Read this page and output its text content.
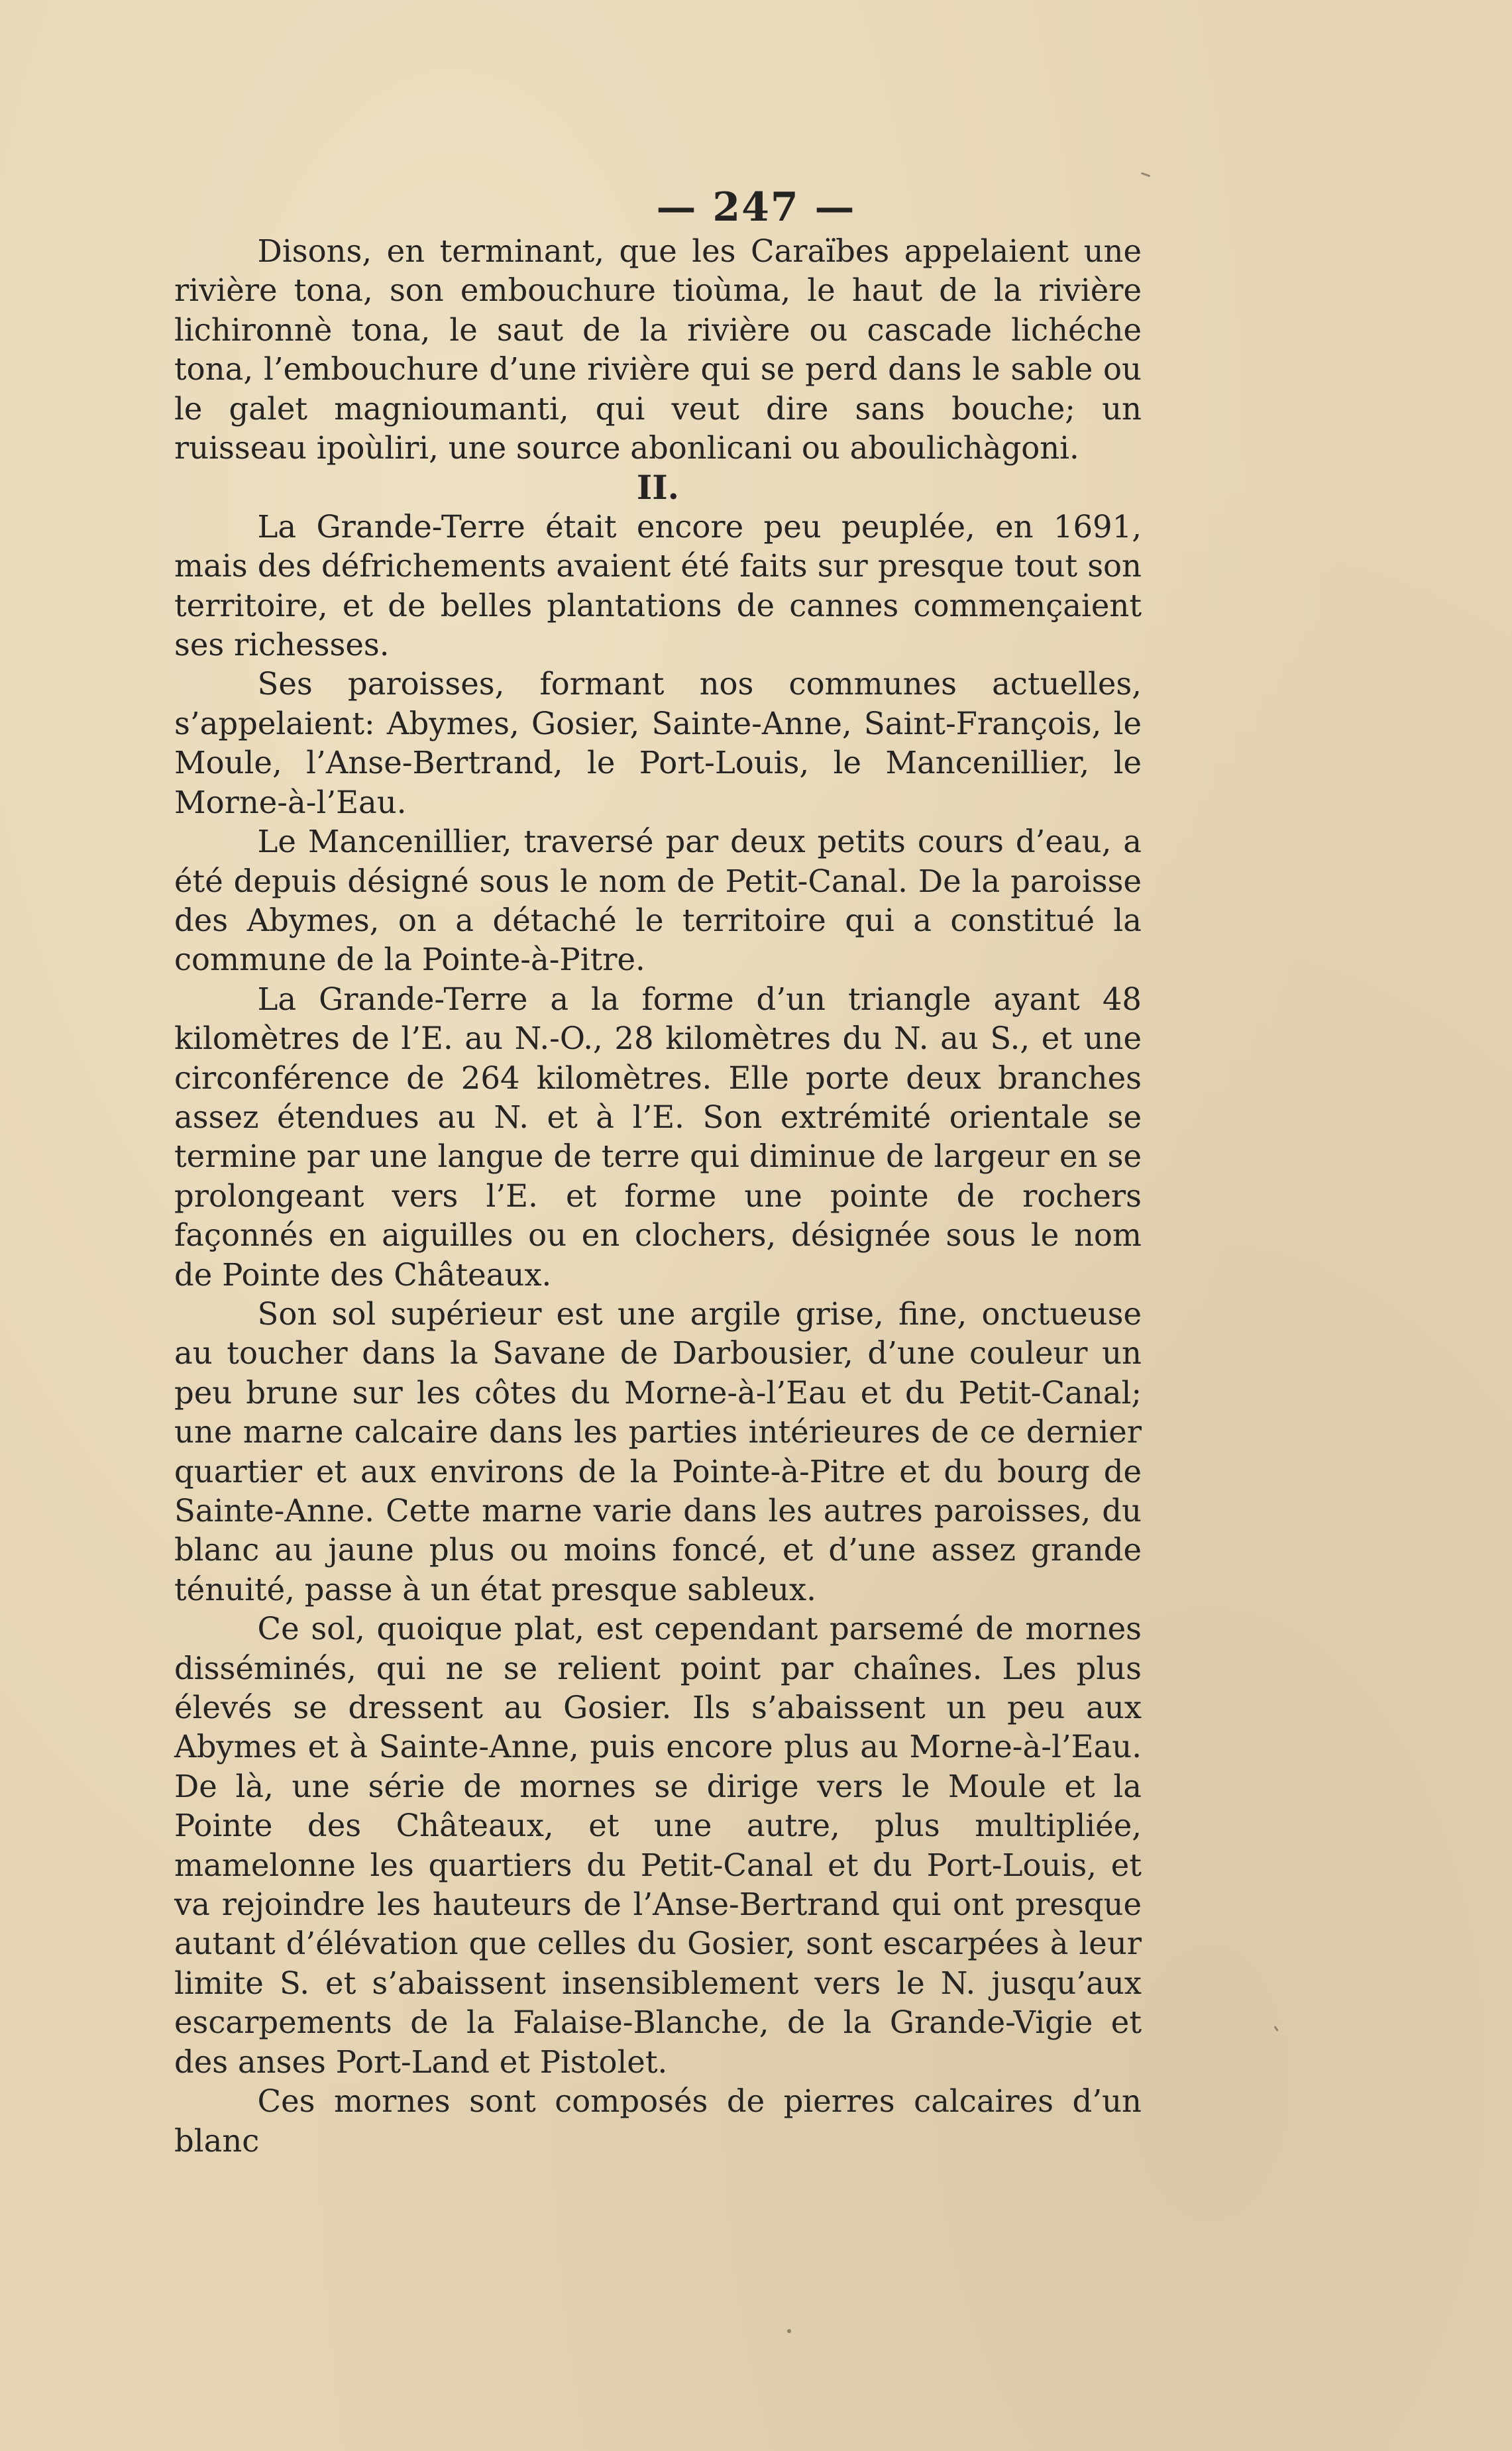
— 247 —

Disons, en terminant, que les Caraïbes appelaient une rivière tona, son embouchure tioùma, le haut de la rivière lichironnè tona, le saut de la rivière ou cascade lichéche tona, l’embouchure d’une rivière qui se perd dans le sable ou le galet magnioumanti, qui veut dire sans bouche; un ruisseau ipoùliri, une source abonlicani ou aboulichàgoni.

II.

La Grande-Terre était encore peu peuplée, en 1691, mais des défrichements avaient été faits sur presque tout son territoire, et de belles plantations de cannes commençaient ses richesses.

Ses paroisses, formant nos communes actuelles, s’appelaient: Abymes, Gosier, Sainte-Anne, Saint-François, le Moule, l’Anse-Bertrand, le Port-Louis, le Mancenillier, le Morne-à-l’Eau.

Le Mancenillier, traversé par deux petits cours d’eau, a été depuis désigné sous le nom de Petit-Canal. De la paroisse des Abymes, on a détaché le territoire qui a constitué la commune de la Pointe-à-Pitre.

La Grande-Terre a la forme d’un triangle ayant 48 kilomètres de l’E. au N.-O., 28 kilomètres du N. au S., et une circonférence de 264 kilomètres. Elle porte deux branches assez étendues au N. et à l’E. Son extrémité orientale se termine par une langue de terre qui diminue de largeur en se prolongeant vers l’E. et forme une pointe de rochers façonnés en aiguilles ou en clochers, désignée sous le nom de Pointe des Châteaux.

Son sol supérieur est une argile grise, fine, onctueuse au toucher dans la Savane de Darbousier, d’une couleur un peu brune sur les côtes du Morne-à-l’Eau et du Petit-Canal; une marne calcaire dans les parties intérieures de ce dernier quartier et aux environs de la Pointe-à-Pitre et du bourg de Sainte-Anne. Cette marne varie dans les autres paroisses, du blanc au jaune plus ou moins foncé, et d’une assez grande ténuité, passe à un état presque sableux.

Ce sol, quoique plat, est cependant parsemé de mornes disséminés, qui ne se relient point par chaînes. Les plus élevés se dressent au Gosier. Ils s’abaissent un peu aux Abymes et à Sainte-Anne, puis encore plus au Morne-à-l’Eau. De là, une série de mornes se dirige vers le Moule et la Pointe des Châteaux, et une autre, plus multipliée, mamelonne les quartiers du Petit-Canal et du Port-Louis, et va rejoindre les hauteurs de l’Anse-Bertrand qui ont presque autant d’élévation que celles du Gosier, sont escarpées à leur limite S. et s’abaissent insensiblement vers le N. jusqu’aux escarpements de la Falaise-Blanche, de la Grande-Vigie et des anses Port-Land et Pistolet.

Ces mornes sont composés de pierres calcaires d’un blanc
